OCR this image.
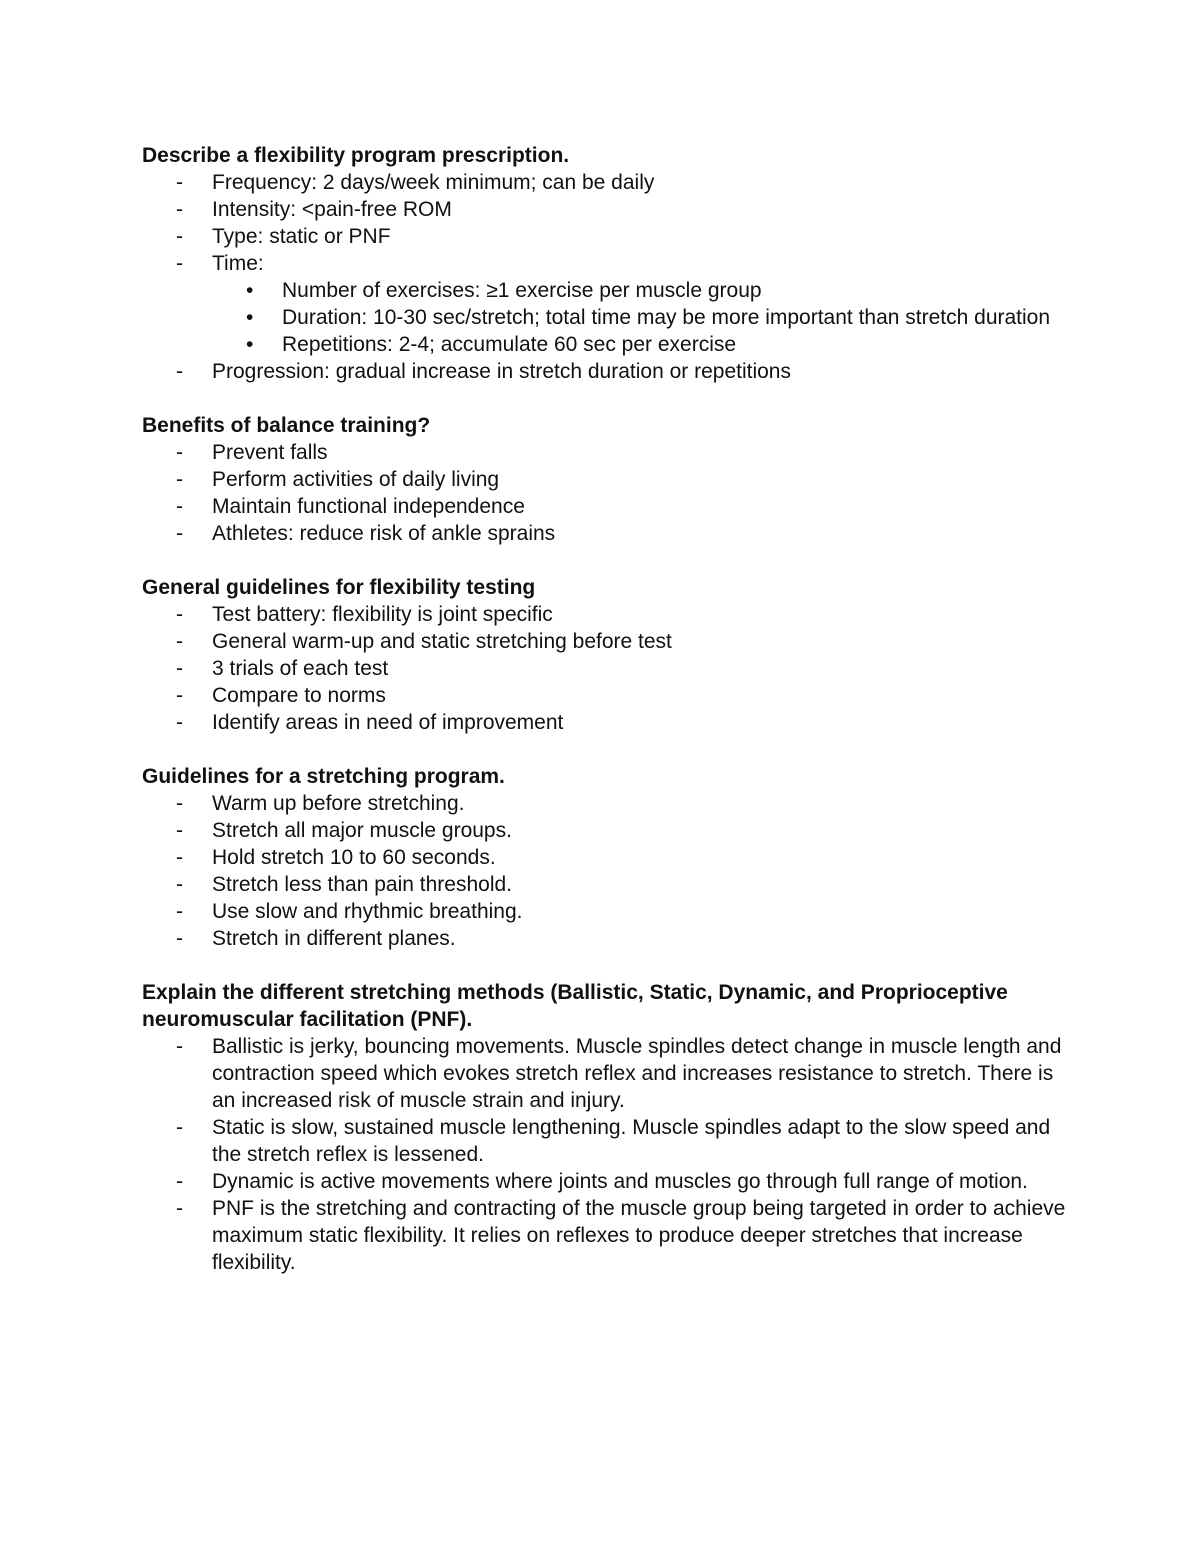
Describe a flexibility program prescription.

-	Frequency: 2 days/week minimum; can be daily
-	Intensity: <pain-free ROM
-	Type: static or PNF
-	Time:
•	Number of exercises: ≥1 exercise per muscle group
•	Duration: 10-30 sec/stretch; total time may be more important than stretch duration
•	Repetitions: 2-4; accumulate 60 sec per exercise
-	Progression: gradual increase in stretch duration or repetitions

Benefits of balance training?

-	Prevent falls
-	Perform activities of daily living
-	Maintain functional independence
-	Athletes: reduce risk of ankle sprains

General guidelines for flexibility testing

-	Test battery: flexibility is joint specific
-	General warm-up and static stretching before test
-	3 trials of each test
-	Compare to norms
-	Identify areas in need of improvement

Guidelines for a stretching program.

-	Warm up before stretching.
-	Stretch all major muscle groups.
-	Hold stretch 10 to 60 seconds.
-	Stretch less than pain threshold.
-	Use slow and rhythmic breathing.
-	Stretch in different planes.

Explain the different stretching methods (Ballistic, Static, Dynamic, and Proprioceptive neuromuscular facilitation (PNF).

-	Ballistic is jerky, bouncing movements. Muscle spindles detect change in muscle length and contraction speed which evokes stretch reflex and increases resistance to stretch. There is an increased risk of muscle strain and injury.
-	Static is slow, sustained muscle lengthening. Muscle spindles adapt to the slow speed and the stretch reflex is lessened.
-	Dynamic is active movements where joints and muscles go through full range of motion.
-	PNF is the stretching and contracting of the muscle group being targeted in order to achieve maximum static flexibility. It relies on reflexes to produce deeper stretches that increase flexibility.
